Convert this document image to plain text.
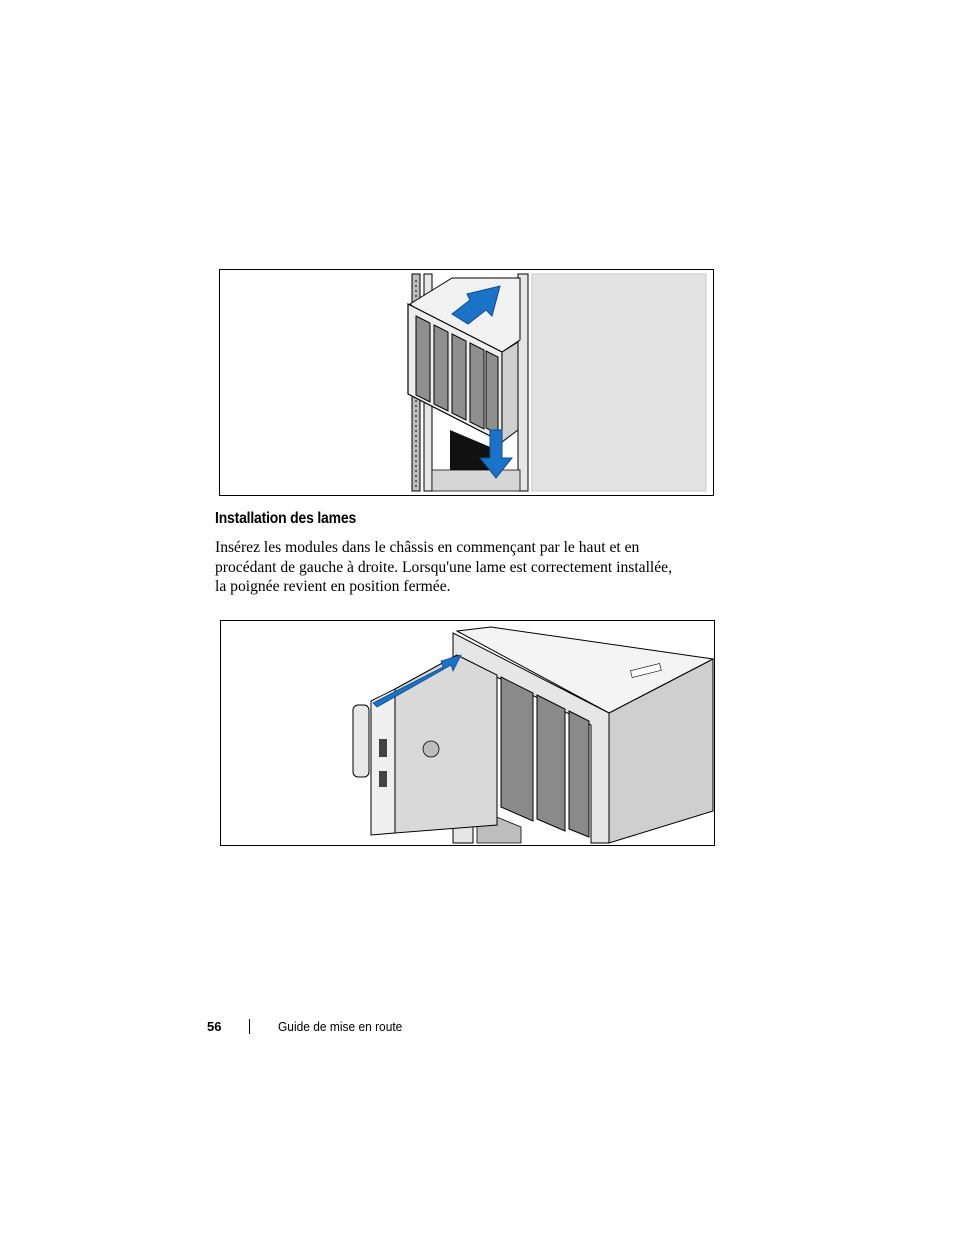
Installation des lames
Insérez les modules dans le châssis en commençant par le haut et en
procédant de gauche à droite. Lorsqu'une lame est correctement installée,
la poignée revient en position fermée.
56	Guide de mise en route
